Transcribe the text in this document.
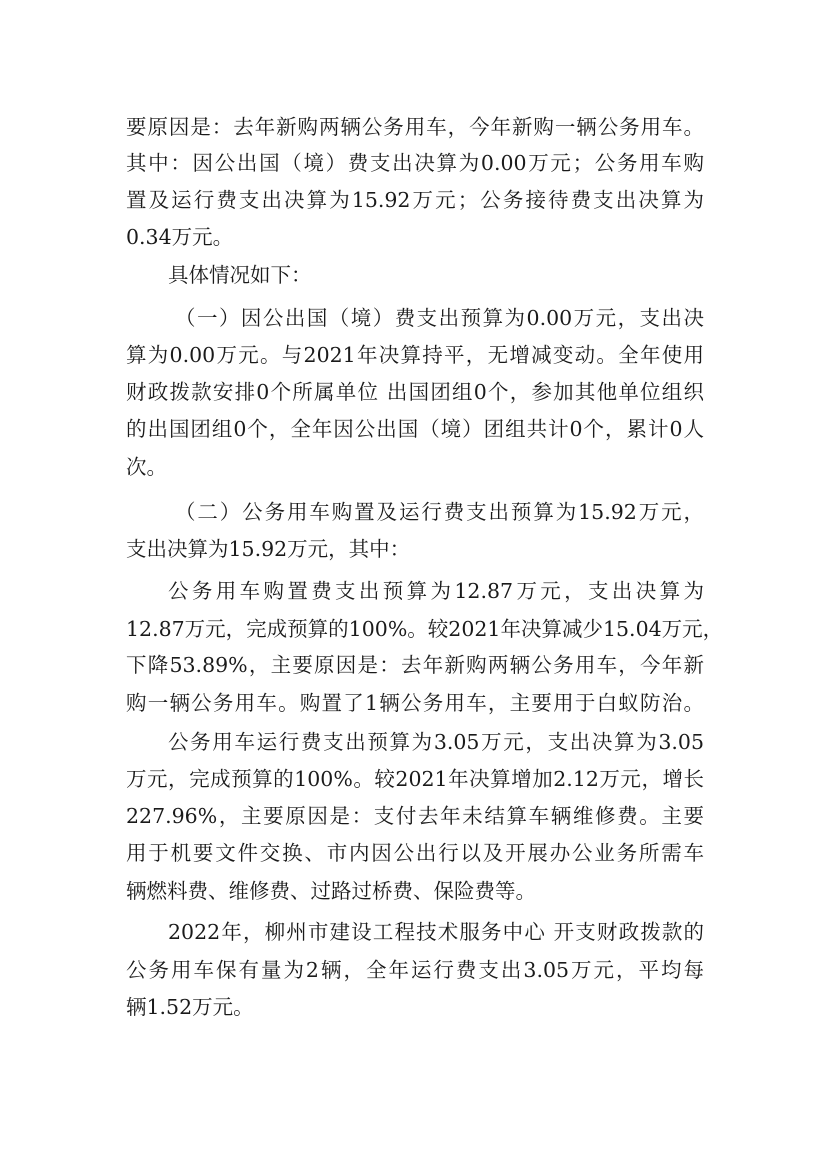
要原因是：去年新购两辆公务用车，今年新购一辆公务用车。
其中：因公出国（境）费支出决算为0.00万元；公务用车购
置及运行费支出决算为15.92万元；公务接待费支出决算为
0.34万元。
具体情况如下：
（一）因公出国（境）费支出预算为0.00万元，支出决
算为0.00万元。与2021年决算持平，无增减变动。全年使用
财政拨款安排0个所属单位 出国团组0个，参加其他单位组织
的出国团组0个，全年因公出国（境）团组共计0个，累计0人
次。
（二）公务用车购置及运行费支出预算为15.92万元，
支出决算为15.92万元，其中：
公务用车购置费支出预算为12.87万元，支出决算为
12.87万元，完成预算的100%。较2021年决算减少15.04万元，
下降53.89%，主要原因是：去年新购两辆公务用车，今年新
购一辆公务用车。购置了1辆公务用车，主要用于白蚁防治。
公务用车运行费支出预算为3.05万元，支出决算为3.05
万元，完成预算的100%。较2021年决算增加2.12万元，增长
227.96%，主要原因是：支付去年未结算车辆维修费。主要
用于机要文件交换、市内因公出行以及开展办公业务所需车
辆燃料费、维修费、过路过桥费、保险费等。
2022年，柳州市建设工程技术服务中心 开支财政拨款的
公务用车保有量为2辆，全年运行费支出3.05万元，平均每
辆1.52万元。
